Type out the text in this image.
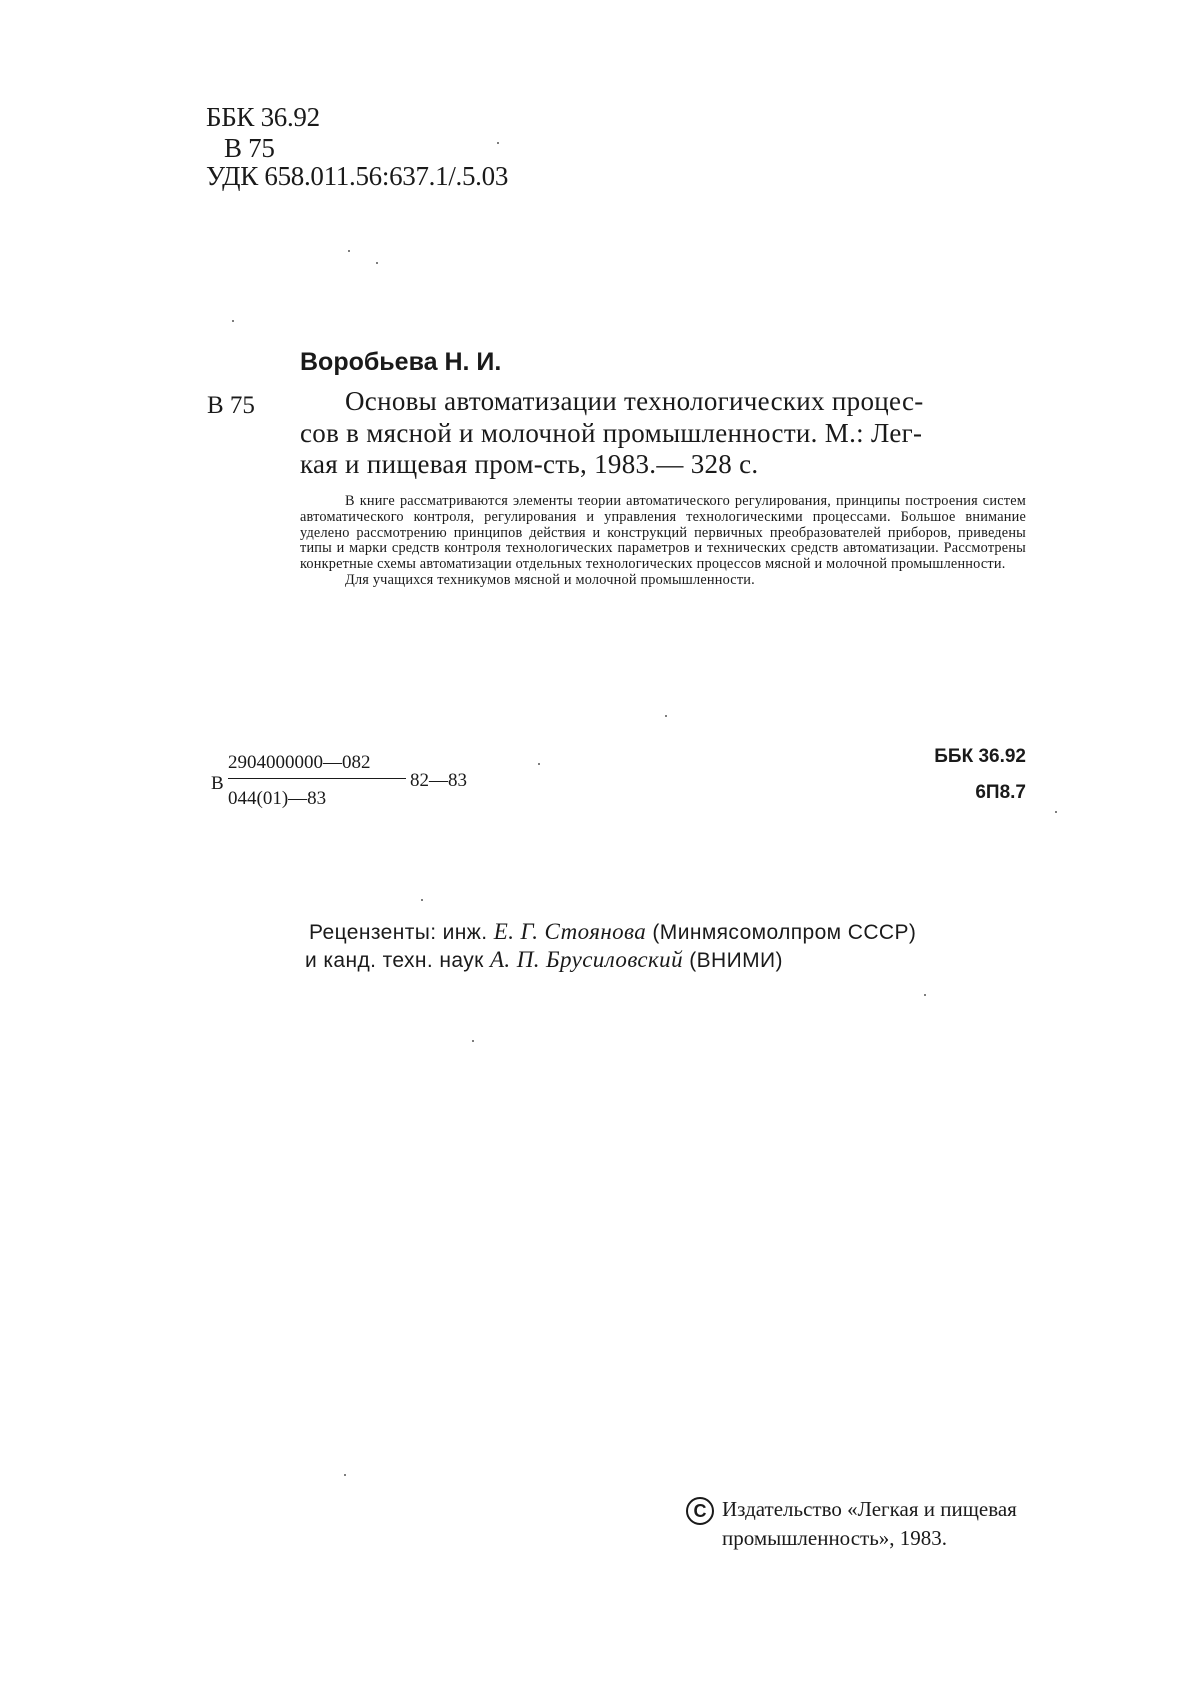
ББК 36.92
В 75
УДК 658.011.56:637.1/.5.03
Воробьева Н. И.
В 75	Основы автоматизации технологических процес-
сов в мясной и молочной промышленности. М.: Лег-
кая и пищевая пром-сть, 1983.— 328 с.

В книге рассматриваются элементы теории автоматического регулирования, принципы построения систем автоматического контроля, регулирования и управления технологическими процессами. Большое внимание уделено рассмотрению принципов действия и конструкций первичных преобразователей приборов, приведены типы и марки средств контроля технологических параметров и технических средств автоматизации. Рассмотрены конкретные схемы автоматизации отдельных технологических процессов мясной и молочной промышленности.

Для учащихся техникумов мясной и молочной промышленности.

В
2904000000—082
044(01)—83
82—83
ББК 36.92
6П8.7
Рецензенты: инж. Е. Г. Стоянова (Минмясомолпром СССР)
и канд. техн. наук А. П. Брусиловский (ВНИМИ)
C Издательство «Легкая и пищевая
промышленность», 1983.
